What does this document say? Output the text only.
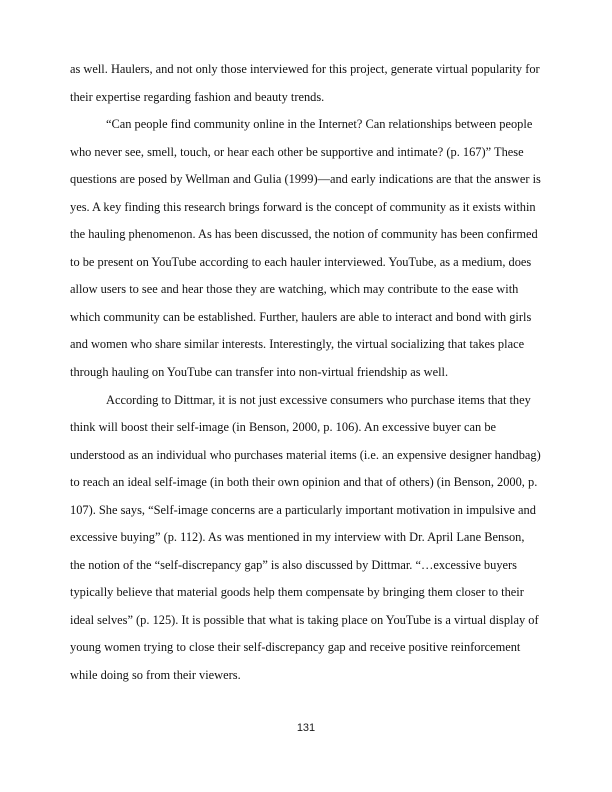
as well. Haulers, and not only those interviewed for this project, generate virtual popularity for their expertise regarding fashion and beauty trends.

“Can people find community online in the Internet? Can relationships between people who never see, smell, touch, or hear each other be supportive and intimate? (p. 167)” These questions are posed by Wellman and Gulia (1999)—and early indications are that the answer is yes. A key finding this research brings forward is the concept of community as it exists within the hauling phenomenon. As has been discussed, the notion of community has been confirmed to be present on YouTube according to each hauler interviewed. YouTube, as a medium, does allow users to see and hear those they are watching, which may contribute to the ease with which community can be established. Further, haulers are able to interact and bond with girls and women who share similar interests. Interestingly, the virtual socializing that takes place through hauling on YouTube can transfer into non-virtual friendship as well.

According to Dittmar, it is not just excessive consumers who purchase items that they think will boost their self-image (in Benson, 2000, p. 106). An excessive buyer can be understood as an individual who purchases material items (i.e. an expensive designer handbag) to reach an ideal self-image (in both their own opinion and that of others) (in Benson, 2000, p. 107). She says, “Self-image concerns are a particularly important motivation in impulsive and excessive buying” (p. 112). As was mentioned in my interview with Dr. April Lane Benson, the notion of the “self-discrepancy gap” is also discussed by Dittmar. “…excessive buyers typically believe that material goods help them compensate by bringing them closer to their ideal selves” (p. 125). It is possible that what is taking place on YouTube is a virtual display of young women trying to close their self-discrepancy gap and receive positive reinforcement while doing so from their viewers.

131
